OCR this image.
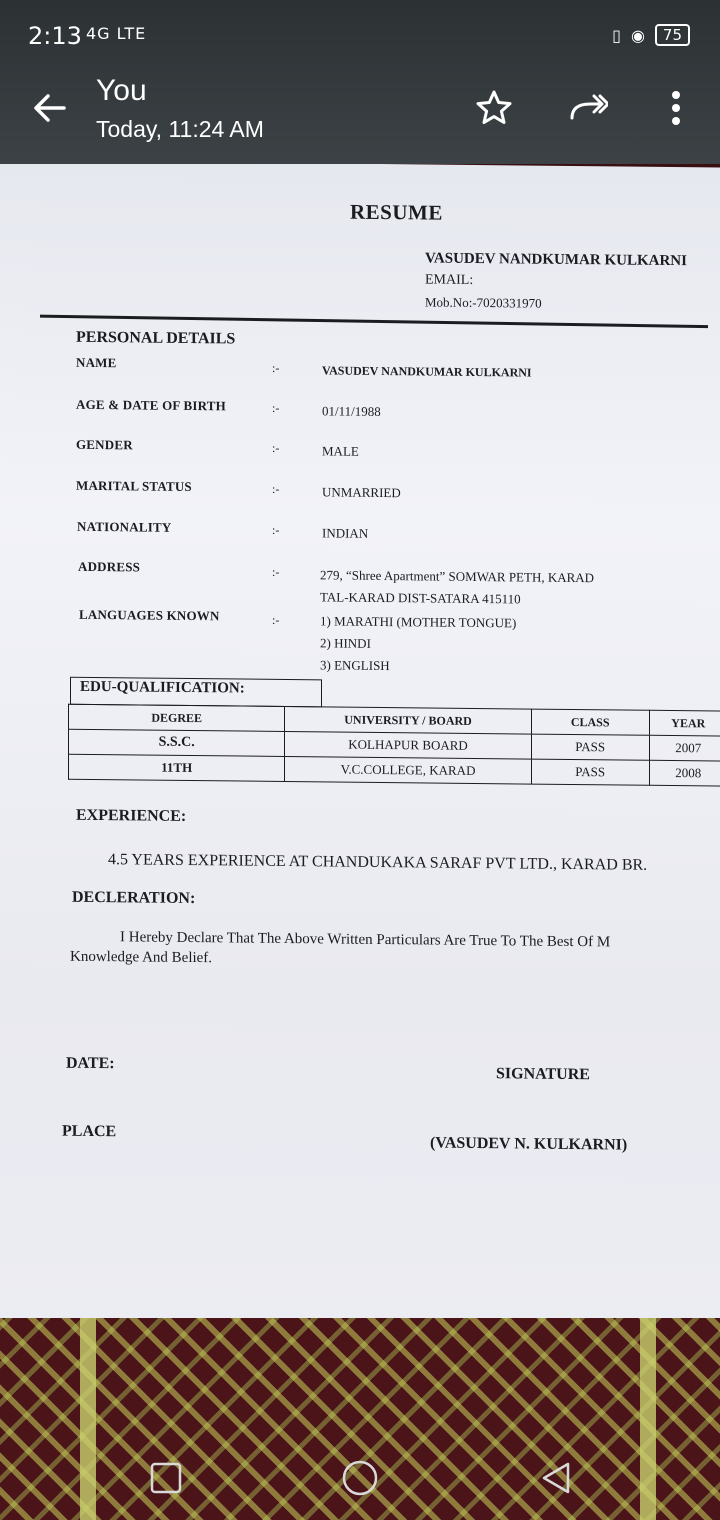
2:13 4G LTE	▯ ◉	75
You
Today, 11:24 AM
RESUME
VASUDEV NANDKUMAR KULKARNI
EMAIL:
Mob.No:-7020331970
PERSONAL DETAILS
NAME	:-	VASUDEV NANDKUMAR KULKARNI
AGE & DATE OF BIRTH	:-	01/11/1988
GENDER	:-	MALE
MARITAL STATUS	:-	UNMARRIED
NATIONALITY	:-	INDIAN
ADDRESS	:-	279, “Shree Apartment” SOMWAR PETH, KARAD
TAL-KARAD DIST-SATARA 415110
LANGUAGES KNOWN	:-	1) MARATHI (MOTHER TONGUE)
2) HINDI
3) ENGLISH
EDU-QUALIFICATION:
DEGREE	UNIVERSITY / BOARD	CLASS	YEAR
S.S.C.	KOLHAPUR BOARD	PASS	2007
11TH	V.C.COLLEGE, KARAD	PASS	2008
EXPERIENCE:
4.5 YEARS EXPERIENCE AT CHANDUKAKA SARAF PVT LTD., KARAD BR.
DECLERATION:
I Hereby Declare That The Above Written Particulars Are True To The Best Of M
Knowledge And Belief.
DATE:
SIGNATURE
PLACE
(VASUDEV N. KULKARNI)
